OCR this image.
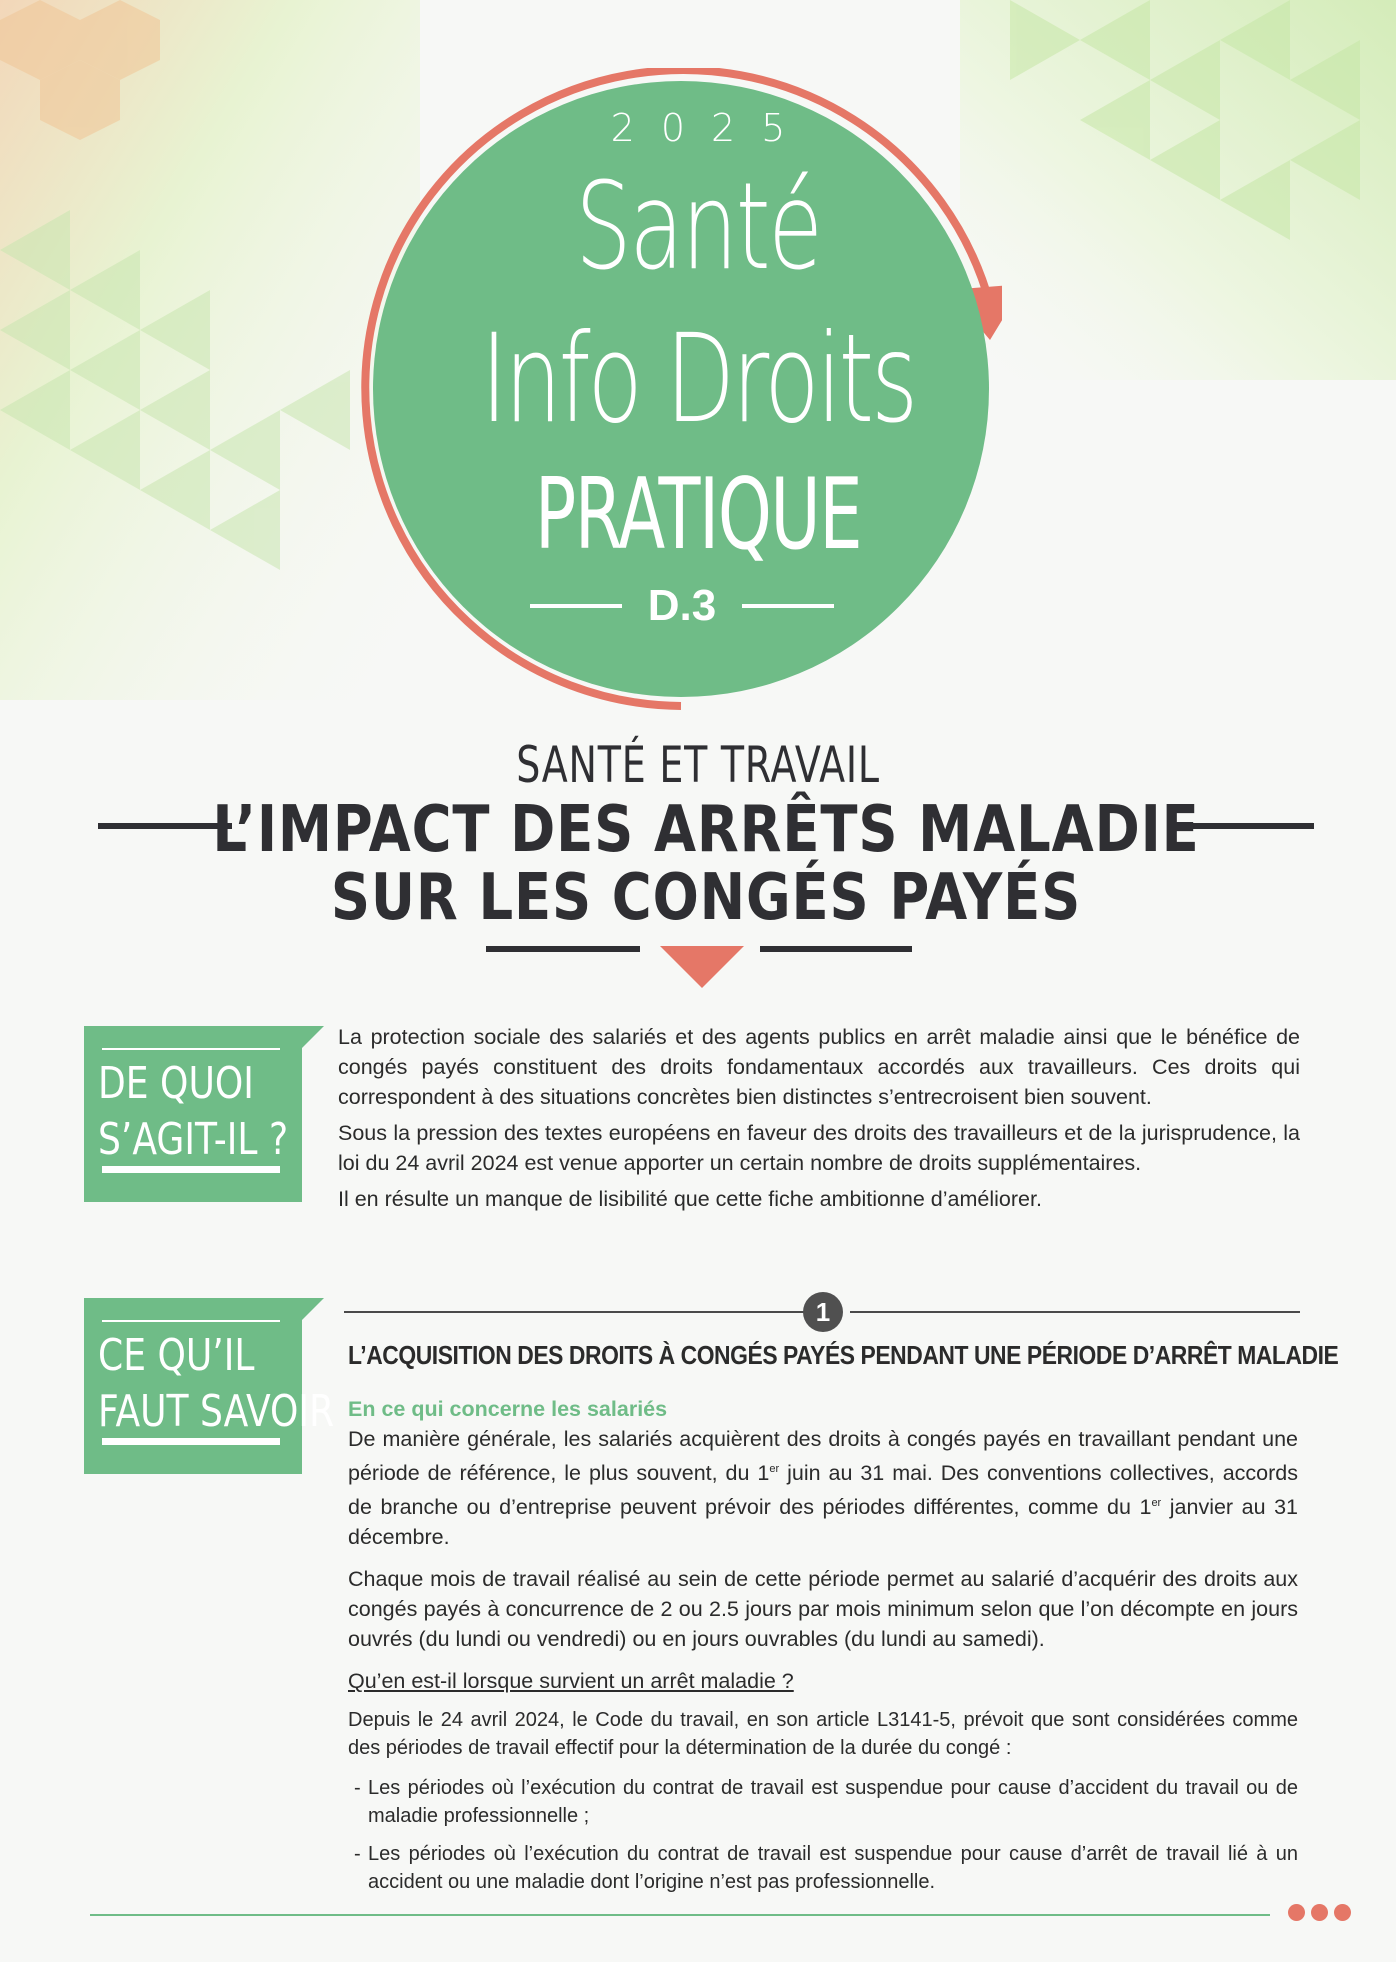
2025
Santé
Info Droits
PRATIQUE
D.3
SANTÉ ET TRAVAIL
L’IMPACT DES ARRÊTS MALADIE
SUR LES CONGÉS PAYÉS
DE QUOI
S’AGIT-IL ?

La protection sociale des salariés et des agents publics en arrêt maladie ainsi que le bénéfice de congés payés constituent des droits fondamentaux accordés aux travailleurs. Ces droits qui correspondent à des situations concrètes bien distinctes s’entrecroisent bien souvent.

Sous la pression des textes européens en faveur des droits des travailleurs et de la jurisprudence, la loi du 24 avril 2024 est venue apporter un certain nombre de droits supplémentaires.

Il en résulte un manque de lisibilité que cette fiche ambitionne d’améliorer.

CE QU’IL
FAUT SAVOIR
1
L’ACQUISITION DES DROITS À CONGÉS PAYÉS PENDANT UNE PÉRIODE D’ARRÊT MALADIE
En ce qui concerne les salariés

De manière générale, les salariés acquièrent des droits à congés payés en travaillant pendant une période de référence, le plus souvent, du 1er juin au 31 mai. Des conventions collectives, accords de branche ou d’entreprise peuvent prévoir des périodes différentes, comme du 1er janvier au 31 décembre.

Chaque mois de travail réalisé au sein de cette période permet au salarié d’acquérir des droits aux congés payés à concurrence de 2 ou 2.5 jours par mois minimum selon que l’on décompte en jours ouvrés (du lundi ou vendredi) ou en jours ouvrables (du lundi au samedi).

Qu’en est-il lorsque survient un arrêt maladie ?

Depuis le 24 avril 2024, le Code du travail, en son article L3141-5, prévoit que sont considérées comme des périodes de travail effectif pour la détermination de la durée du congé :

- Les périodes où l’exécution du contrat de travail est suspendue pour cause d’accident du travail ou de maladie professionnelle ;
- Les périodes où l’exécution du contrat de travail est suspendue pour cause d’arrêt de travail lié à un accident ou une maladie dont l’origine n’est pas professionnelle.
